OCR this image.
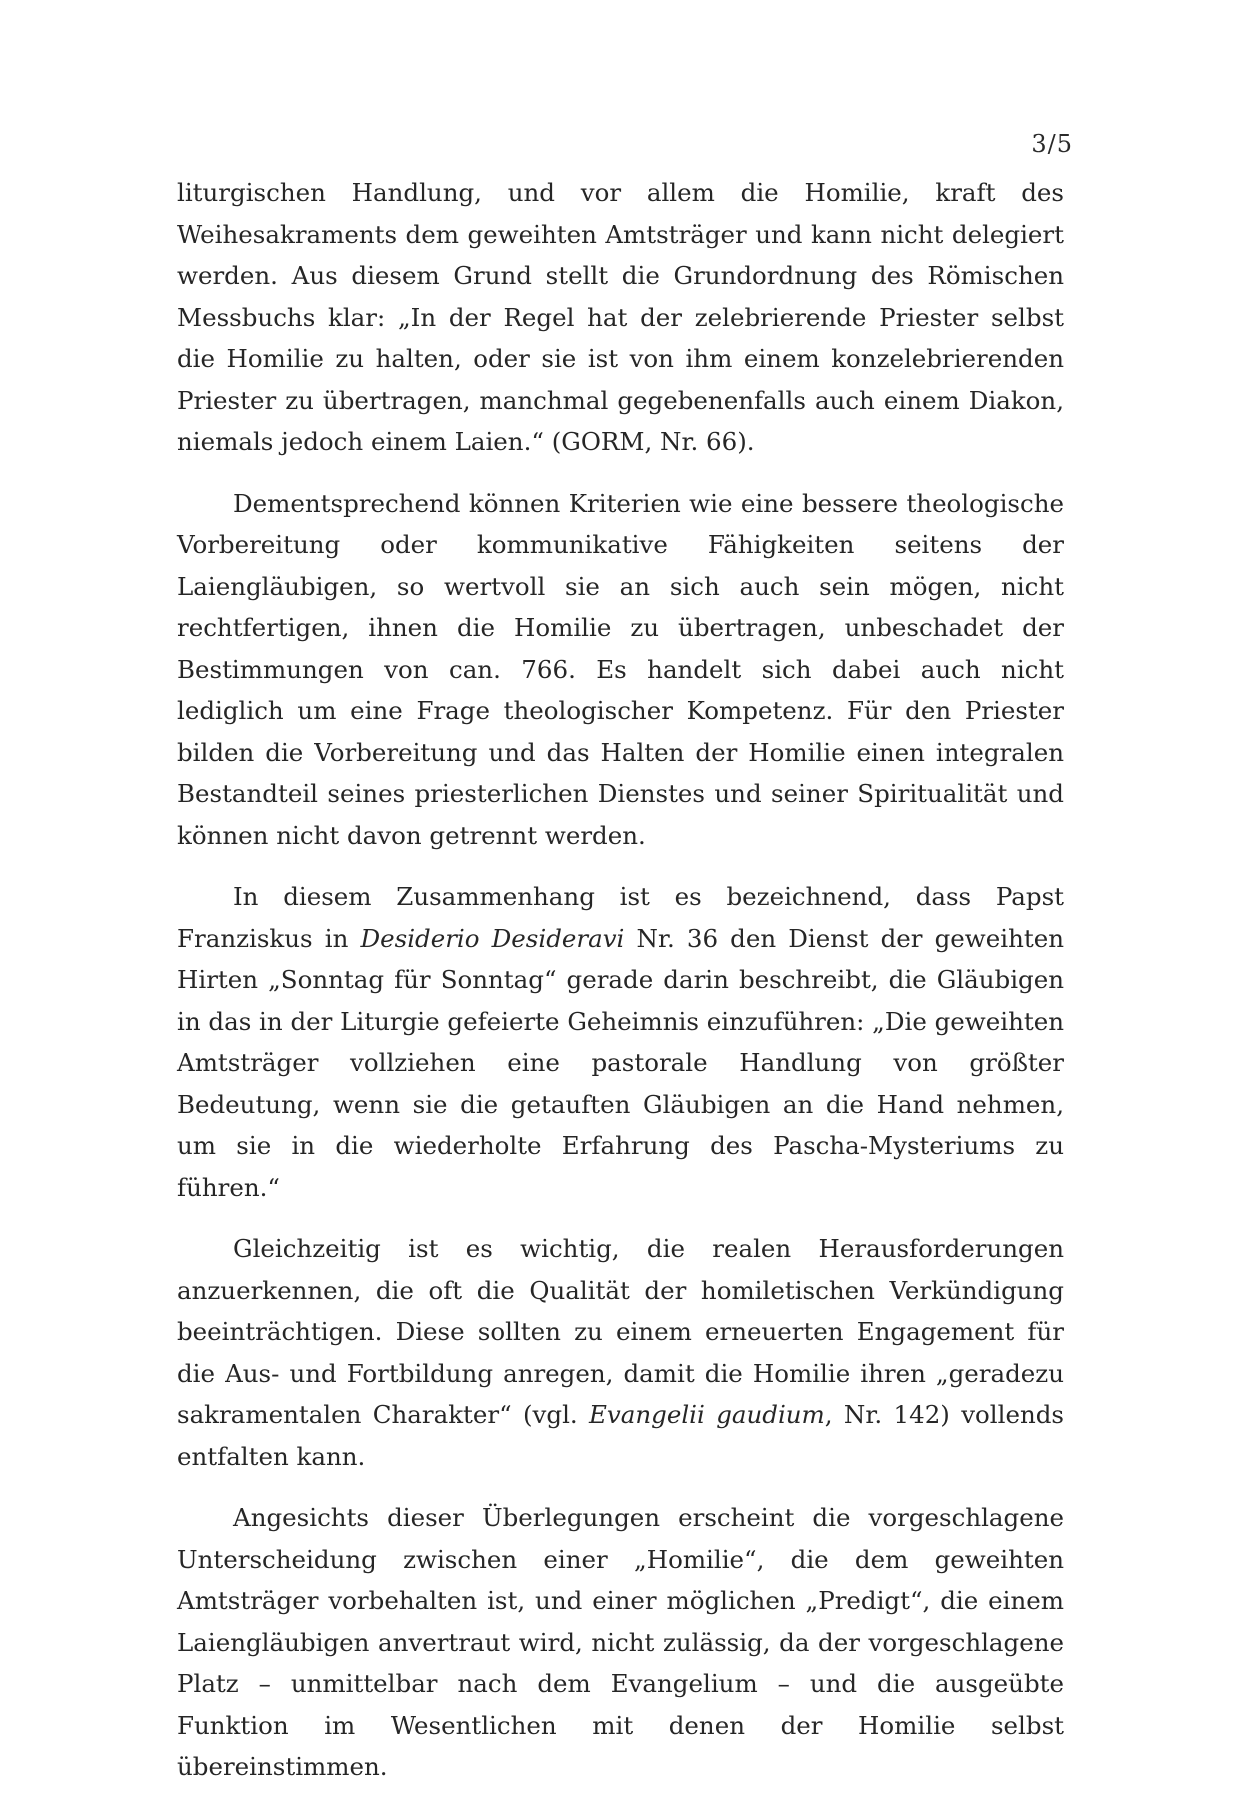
3/5

liturgischen Handlung, und vor allem die Homilie, kraft des Weihesakraments dem geweihten Amtsträger und kann nicht delegiert werden. Aus diesem Grund stellt die Grundordnung des Römischen Messbuchs klar: „In der Regel hat der zelebrierende Priester selbst die Homilie zu halten, oder sie ist von ihm einem konzelebrierenden Priester zu übertragen, manchmal gegebenenfalls auch einem Diakon, niemals jedoch einem Laien.“ (GORM, Nr. 66).

Dementsprechend können Kriterien wie eine bessere theologische Vorbereitung oder kommunikative Fähigkeiten seitens der Laiengläubigen, so wertvoll sie an sich auch sein mögen, nicht rechtfertigen, ihnen die Homilie zu übertragen, unbeschadet der Bestimmungen von can. 766. Es handelt sich dabei auch nicht lediglich um eine Frage theologischer Kompetenz. Für den Priester bilden die Vorbereitung und das Halten der Homilie einen integralen Bestandteil seines priesterlichen Dienstes und seiner Spiritualität und können nicht davon getrennt werden.

In diesem Zusammenhang ist es bezeichnend, dass Papst Franziskus in Desiderio Desideravi Nr. 36 den Dienst der geweihten Hirten „Sonntag für Sonntag“ gerade darin beschreibt, die Gläubigen in das in der Liturgie gefeierte Geheimnis einzuführen: „Die geweihten Amtsträger vollziehen eine pastorale Handlung von größter Bedeutung, wenn sie die getauften Gläubigen an die Hand nehmen, um sie in die wiederholte Erfahrung des Pascha-Mysteriums zu führen.“

Gleichzeitig ist es wichtig, die realen Herausforderungen anzuerkennen, die oft die Qualität der homiletischen Verkündigung beeinträchtigen. Diese sollten zu einem erneuerten Engagement für die Aus- und Fortbildung anregen, damit die Homilie ihren „geradezu sakramentalen Charakter“ (vgl. Evangelii gaudium, Nr. 142) vollends entfalten kann.

Angesichts dieser Überlegungen erscheint die vorgeschlagene Unterscheidung zwischen einer „Homilie“, die dem geweihten Amtsträger vorbehalten ist, und einer möglichen „Predigt“, die einem Laiengläubigen anvertraut wird, nicht zulässig, da der vorgeschlagene Platz – unmittelbar nach dem Evangelium – und die ausgeübte Funktion im Wesentlichen mit denen der Homilie selbst übereinstimmen.
